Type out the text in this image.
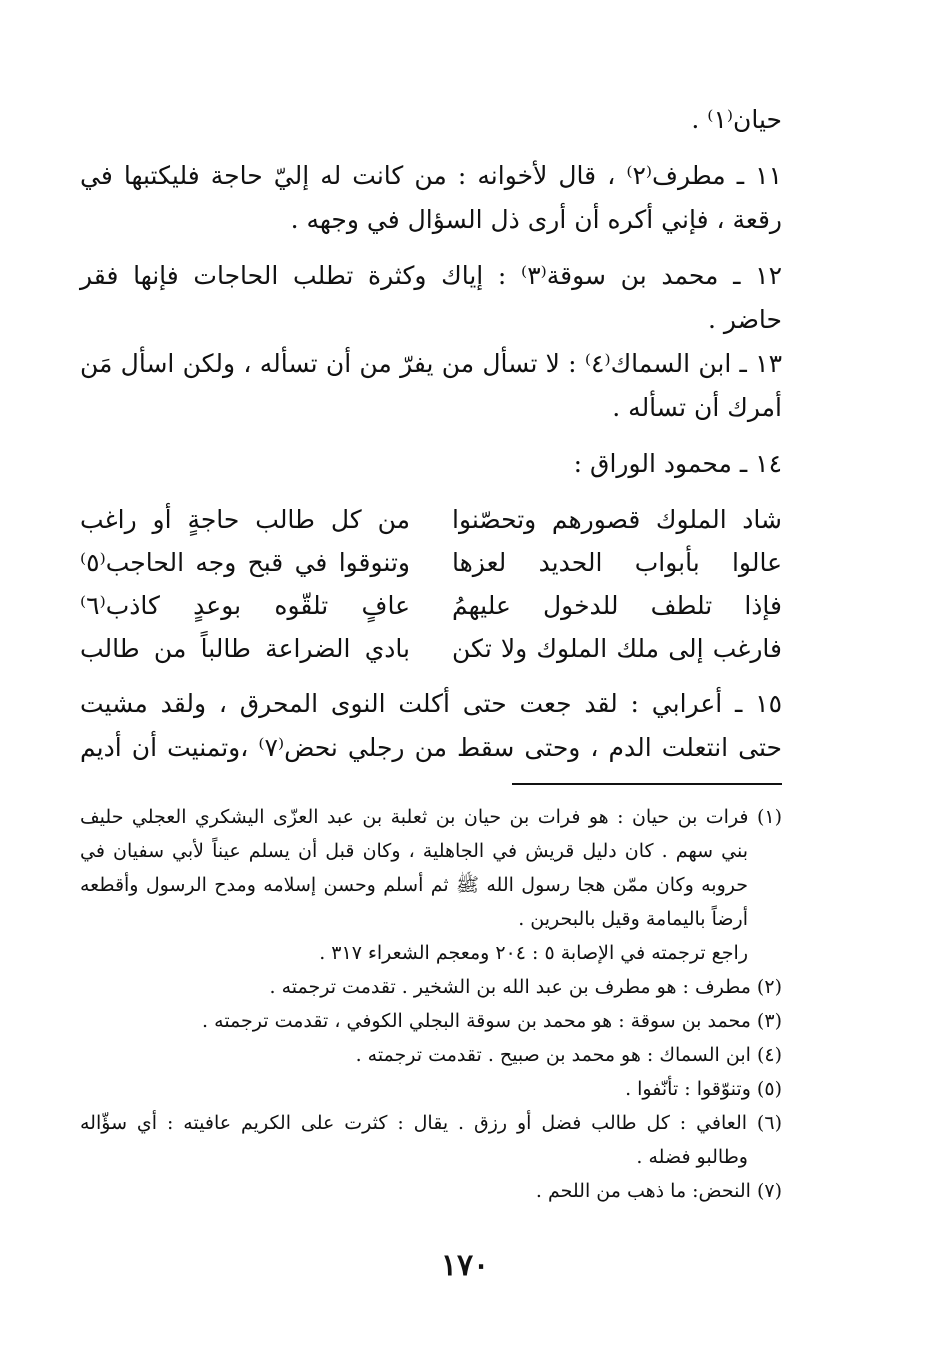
حيان⁽١⁾ .
١١ ـ مطرف⁽٢⁾ ، قال لأخوانه : من كانت له إليّ حاجة فليكتبها في
رقعة ، فإني أكره أن أرى ذل السؤال في وجهه .
١٢ ـ محمد بن سوقة⁽٣⁾ : إياك وكثرة تطلب الحاجات فإنها فقر
حاضر .
١٣ ـ ابن السماك⁽٤⁾ : لا تسأل من يفرّ من أن تسأله ، ولكن اسأل مَن
أمرك أن تسأله .
١٤ ـ محمود الوراق :
شاد الملوك قصورهم وتحصّنوا
من كل طالب حاجةٍ أو راغب
عالوا بأبواب الحديد لعزها
وتنوقوا في قبح وجه الحاجب⁽٥⁾
فإذا تلطف للدخول عليهمُ
عافٍ تلقّوه بوعدٍ كاذب⁽٦⁾
فارغب إلى ملك الملوك ولا تكن
بادي الضراعة طالباً من طالب
١٥ ـ أعرابي : لقد جعت حتى أكلت النوى المحرق ، ولقد مشيت
حتى انتعلت الدم ، وحتى سقط من رجلي نحض⁽٧⁾ ،وتمنيت أن أديم
(١) فرات بن حيان : هو فرات بن حيان بن ثعلبة بن عبد العزّى اليشكري العجلي حليف
بني سهم . كان دليل قريش في الجاهلية ، وكان قبل أن يسلم عيناً لأبي سفيان في
حروبه وكان ممّن هجا رسول الله ﷺ ثم أسلم وحسن إسلامه ومدح الرسول وأقطعه
أرضاً باليمامة وقيل بالبحرين .
راجع ترجمته في الإصابة ٥ : ٢٠٤ ومعجم الشعراء ٣١٧ .
(٢) مطرف : هو مطرف بن عبد الله بن الشخير . تقدمت ترجمته .
(٣) محمد بن سوقة : هو محمد بن سوقة البجلي الكوفي ، تقدمت ترجمته .
(٤) ابن السماك : هو محمد بن صبيح . تقدمت ترجمته .
(٥) وتنوّقوا : تأنّفوا .
(٦) العافي : كل طالب فضل أو رزق . يقال : كثرت على الكريم عافيته : أي سؤّاله
وطالبو فضله .
(٧) النحض: ما ذهب من اللحم .
١٧٠
